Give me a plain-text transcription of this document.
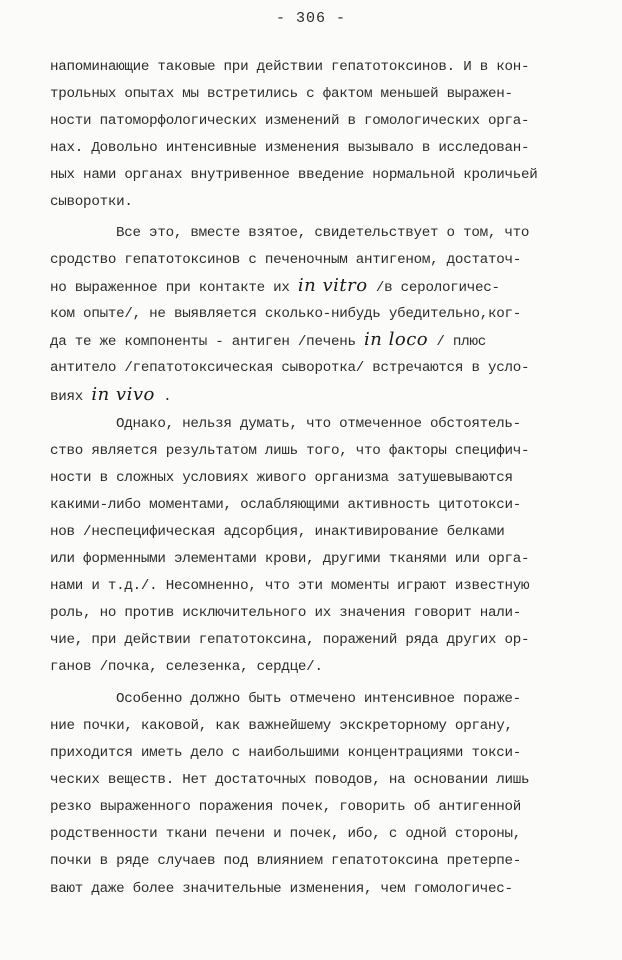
- 306 -
напоминающие таковые при действии гепатотоксинов. И в кон-
трольных опытах мы встретились с фактом меньшей выражен-
ности патоморфологических изменений в гомологических орга-
нах. Довольно интенсивные изменения вызывало в исследован-
ных нами органах внутривенное введение нормальной кроличьей
сыворотки.
Все это, вместе взятое, свидетельствует о том, что
сродство гепатотоксинов с печеночным антигеном, достаточ-
но выраженное при контакте их in vitro /в серологичес-
ком опыте/, не выявляется сколько-нибудь убедительно,ког-
да те же компоненты - антиген /печень in loco / плюс
антитело /гепатотоксическая сыворотка/ встречаются в усло-
виях in vivo .
Однако, нельзя думать, что отмеченное обстоятель-
ство является результатом лишь того, что факторы специфич-
ности в сложных условиях живого организма затушевываются
какими-либо моментами, ослабляющими активность цитотокси-
нов /неспецифическая адсорбция, инактивирование белками
или форменными элементами крови, другими тканями или орга-
нами и т.д./. Несомненно, что эти моменты играют известную
роль, но против исключительного их значения говорит нали-
чие, при действии гепатотоксина, поражений ряда других ор-
ганов /почка, селезенка, сердце/.
Особенно должно быть отмечено интенсивное пораже-
ние почки, каковой, как важнейшему экскреторному органу,
приходится иметь дело с наибольшими концентрациями токси-
ческих веществ. Нет достаточных поводов, на основании лишь
резко выраженного поражения почек, говорить об антигенной
родственности ткани печени и почек, ибо, с одной стороны,
почки в ряде случаев под влиянием гепатотоксина претерпе-
вают даже более значительные изменения, чем гомологичес-
